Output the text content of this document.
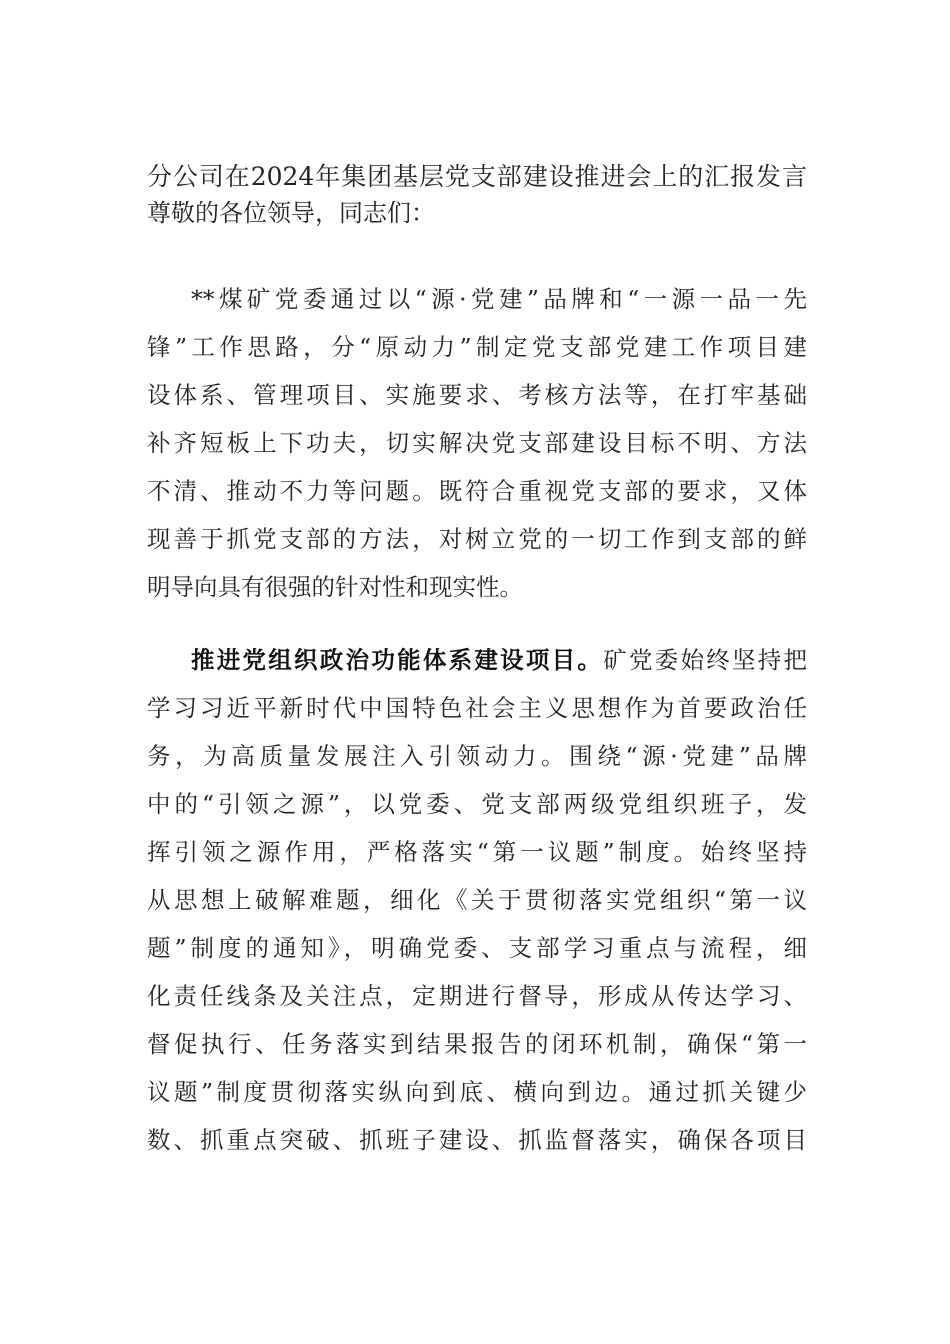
分公司在2024年集团基层党支部建设推进会上的汇报发言
尊敬的各位领导，同志们：
**煤矿党委通过以“源·党建”品牌和“一源一品一先
锋”工作思路，分“原动力”制定党支部党建工作项目建
设体系、管理项目、实施要求、考核方法等，在打牢基础
补齐短板上下功夫，切实解决党支部建设目标不明、方法
不清、推动不力等问题。既符合重视党支部的要求，又体
现善于抓党支部的方法，对树立党的一切工作到支部的鲜
明导向具有很强的针对性和现实性。
推进党组织政治功能体系建设项目。矿党委始终坚持把
学习习近平新时代中国特色社会主义思想作为首要政治任
务，为高质量发展注入引领动力。围绕“源·党建”品牌
中的“引领之源”，以党委、党支部两级党组织班子，发
挥引领之源作用，严格落实“第一议题”制度。始终坚持
从思想上破解难题，细化《关于贯彻落实党组织“第一议
题”制度的通知》，明确党委、支部学习重点与流程，细
化责任线条及关注点，定期进行督导，形成从传达学习、
督促执行、任务落实到结果报告的闭环机制，确保“第一
议题”制度贯彻落实纵向到底、横向到边。通过抓关键少
数、抓重点突破、抓班子建设、抓监督落实，确保各项目
